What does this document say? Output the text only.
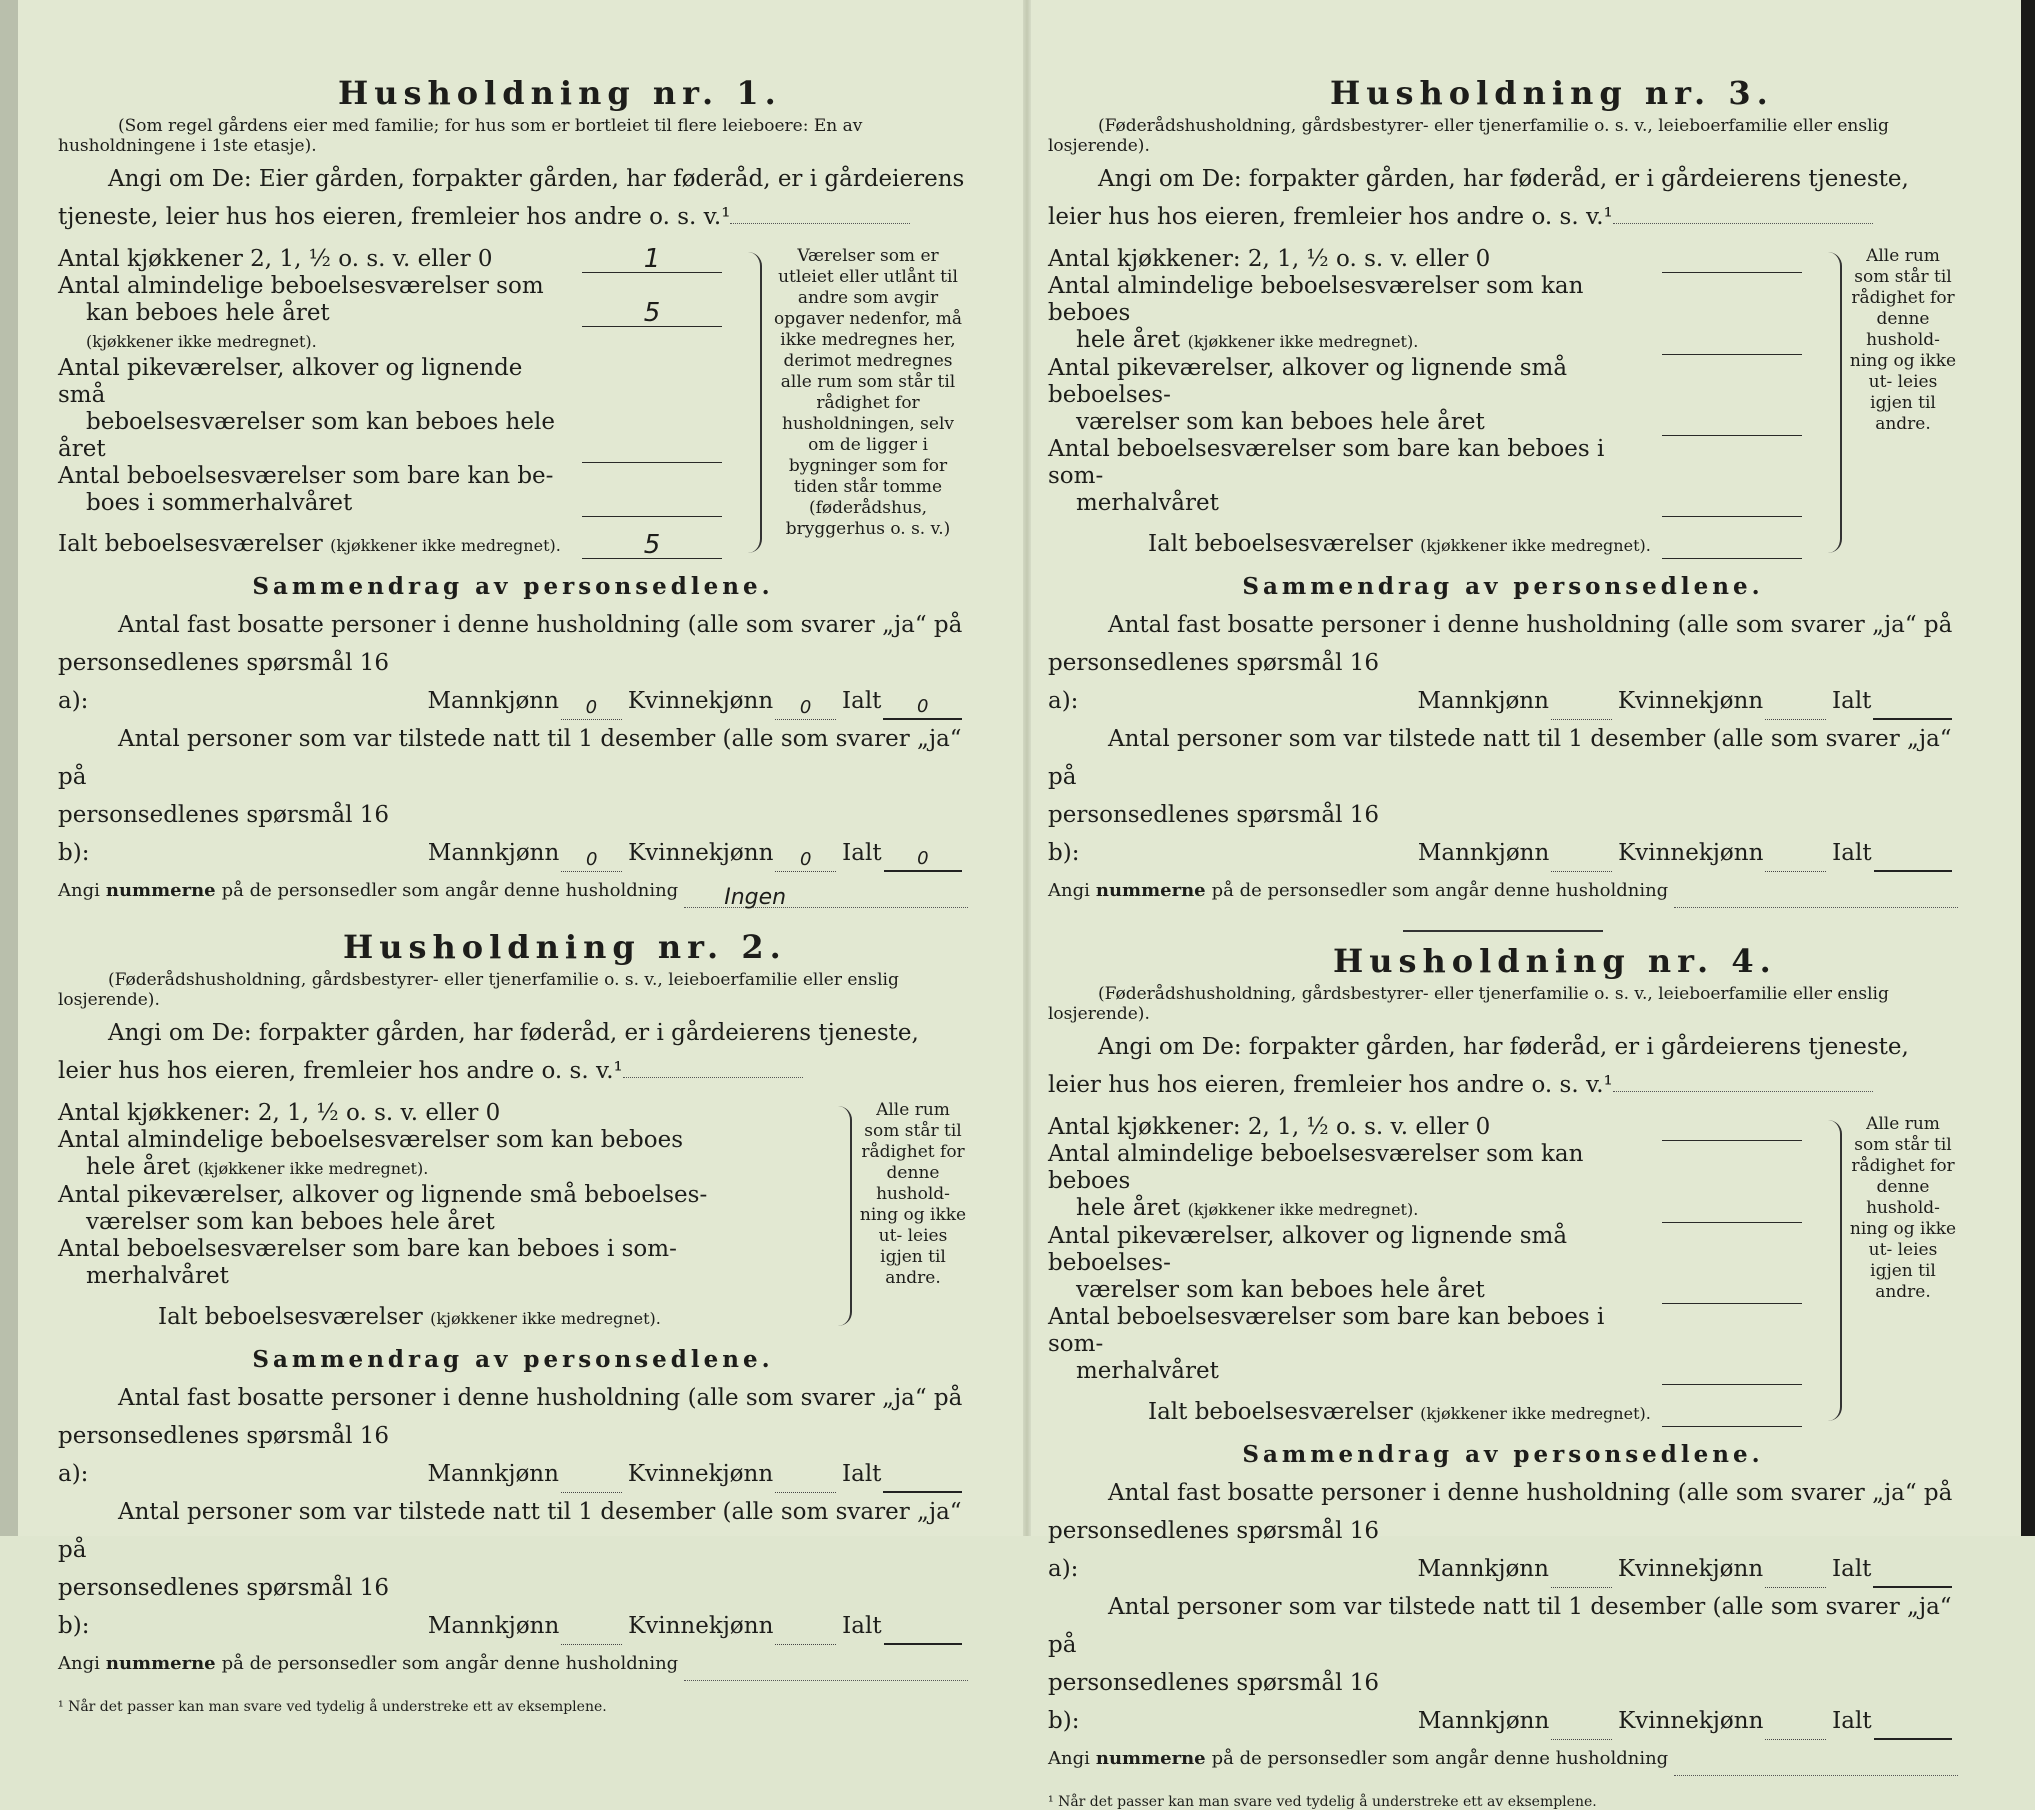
Husholdning nr. 1.

(Som regel gårdens eier med familie; for hus som er bortleiet til flere leieboere: En av husholdningene i 1ste etasje).

Angi om De: Eier gården, forpakter gården, har føderåd, er i gårdeierens tjeneste, leier hus hos eieren, fremleier hos andre o. s. v.¹

Antal kjøkkener 2, 1, ½ o. s. v. eller 0	1
Antal almindelige beboelsesværelser som
kan beboes hele året	5
(kjøkkener ikke medregnet).
Antal pikeværelser, alkover og lignende små
beboelsesværelser som kan beboes hele året
Antal beboelsesværelser som bare kan be-
boes i sommerhalvåret
Ialt beboelsesværelser (kjøkkener ikke medregnet).	5
Værelser som er utleiet eller utlånt til andre som avgir opgaver nedenfor, må ikke medregnes her, derimot medregnes alle rum som står til rådighet for husholdningen, selv om de ligger i bygninger som for tiden står tomme (føderådshus, bryggerhus o. s. v.)
Sammendrag av personsedlene.

Antal fast bosatte personer i denne husholdning (alle som svarer „ja“ på

personsedlenes spørsmål 16 a):
	Mannkjønn	0	Kvinnekjønn	0	Ialt	0

Antal personer som var tilstede natt til 1 desember (alle som svarer „ja“ på

personsedlenes spørsmål 16 b):
	Mannkjønn	0	Kvinnekjønn	0	Ialt	0

Angi nummerne på de personsedler som angår denne husholdning	Ingen

Husholdning nr. 2.

(Føderådshusholdning, gårdsbestyrer- eller tjenerfamilie o. s. v., leieboerfamilie eller enslig losjerende).

Angi om De: forpakter gården, har føderåd, er i gårdeierens tjeneste, leier hus hos eieren, fremleier hos andre o. s. v.¹

Antal kjøkkener: 2, 1, ½ o. s. v. eller 0
Antal almindelige beboelsesværelser som kan beboes
hele året (kjøkkener ikke medregnet).
Antal pikeværelser, alkover og lignende små beboelses-
værelser som kan beboes hele året
Antal beboelsesværelser som bare kan beboes i som-
merhalvåret
Ialt beboelsesværelser (kjøkkener ikke medregnet).
Alle rum som står til rådighet for denne hushold- ning og ikke ut- leies igjen til andre.
Sammendrag av personsedlene.

Antal fast bosatte personer i denne husholdning (alle som svarer „ja“ på

personsedlenes spørsmål 16 a):
	Mannkjønn	Kvinnekjønn	Ialt

Antal personer som var tilstede natt til 1 desember (alle som svarer „ja“ på

personsedlenes spørsmål 16 b):
	Mannkjønn	Kvinnekjønn	Ialt

Angi nummerne på de personsedler som angår denne husholdning

¹ Når det passer kan man svare ved tydelig å understreke ett av eksemplene.
Husholdning nr. 3.

(Føderådshusholdning, gårdsbestyrer- eller tjenerfamilie o. s. v., leieboerfamilie eller enslig losjerende).

Angi om De: forpakter gården, har føderåd, er i gårdeierens tjeneste, leier hus hos eieren, fremleier hos andre o. s. v.¹

Antal kjøkkener: 2, 1, ½ o. s. v. eller 0
Antal almindelige beboelsesværelser som kan beboes
hele året (kjøkkener ikke medregnet).
Antal pikeværelser, alkover og lignende små beboelses-
værelser som kan beboes hele året
Antal beboelsesværelser som bare kan beboes i som-
merhalvåret
Ialt beboelsesværelser (kjøkkener ikke medregnet).
Alle rum som står til rådighet for denne hushold- ning og ikke ut- leies igjen til andre.
Sammendrag av personsedlene.

Antal fast bosatte personer i denne husholdning (alle som svarer „ja“ på

personsedlenes spørsmål 16 a):
	Mannkjønn	Kvinnekjønn	Ialt

Antal personer som var tilstede natt til 1 desember (alle som svarer „ja“ på

personsedlenes spørsmål 16 b):
	Mannkjønn	Kvinnekjønn	Ialt

Angi nummerne på de personsedler som angår denne husholdning

Husholdning nr. 4.

(Føderådshusholdning, gårdsbestyrer- eller tjenerfamilie o. s. v., leieboerfamilie eller enslig losjerende).

Angi om De: forpakter gården, har føderåd, er i gårdeierens tjeneste, leier hus hos eieren, fremleier hos andre o. s. v.¹

Antal kjøkkener: 2, 1, ½ o. s. v. eller 0
Antal almindelige beboelsesværelser som kan beboes
hele året (kjøkkener ikke medregnet).
Antal pikeværelser, alkover og lignende små beboelses-
værelser som kan beboes hele året
Antal beboelsesværelser som bare kan beboes i som-
merhalvåret
Ialt beboelsesværelser (kjøkkener ikke medregnet).
Alle rum som står til rådighet for denne hushold- ning og ikke ut- leies igjen til andre.
Sammendrag av personsedlene.

Antal fast bosatte personer i denne husholdning (alle som svarer „ja“ på

personsedlenes spørsmål 16 a):
	Mannkjønn	Kvinnekjønn	Ialt

Antal personer som var tilstede natt til 1 desember (alle som svarer „ja“ på

personsedlenes spørsmål 16 b):
	Mannkjønn	Kvinnekjønn	Ialt

Angi nummerne på de personsedler som angår denne husholdning

¹ Når det passer kan man svare ved tydelig å understreke ett av eksemplene.
